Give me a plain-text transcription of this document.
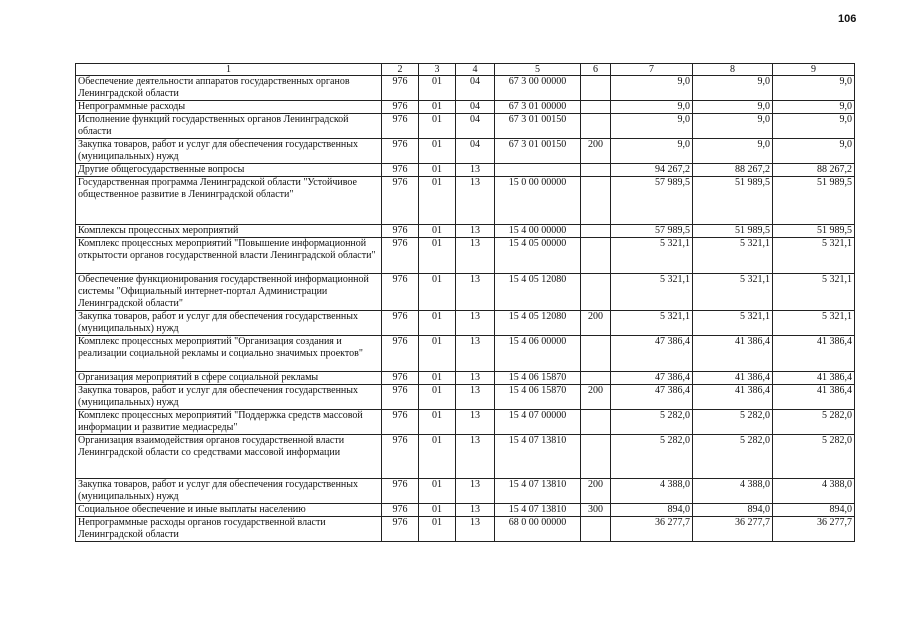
106
1	2	3	4	5	6	7	8	9
Обеспечение деятельности аппаратов государственных органов Ленинградской области	976	01	04	67 3 00 00000		9,0	9,0	9,0
Непрограммные расходы	976	01	04	67 3 01 00000		9,0	9,0	9,0
Исполнение функций государственных органов Ленинградской области	976	01	04	67 3 01 00150		9,0	9,0	9,0
Закупка товаров, работ и услуг для обеспечения государственных (муниципальных) нужд	976	01	04	67 3 01 00150	200	9,0	9,0	9,0
Другие общегосударственные вопросы	976	01	13			94 267,2	88 267,2	88 267,2
Государственная программа Ленинградской области "Устойчивое общественное развитие в Ленинградской области"	976	01	13	15 0 00 00000		57 989,5	51 989,5	51 989,5
Комплексы процессных мероприятий	976	01	13	15 4 00 00000		57 989,5	51 989,5	51 989,5
Комплекс процессных мероприятий "Повышение информационной открытости органов государственной власти Ленинградской области"	976	01	13	15 4 05 00000		5 321,1	5 321,1	5 321,1
Обеспечение функционирования государственной информационной системы "Официальный интернет-портал Администрации Ленинградской области"	976	01	13	15 4 05 12080		5 321,1	5 321,1	5 321,1
Закупка товаров, работ и услуг для обеспечения государственных (муниципальных) нужд	976	01	13	15 4 05 12080	200	5 321,1	5 321,1	5 321,1
Комплекс процессных мероприятий "Организация создания и реализации социальной рекламы и социально значимых проектов"	976	01	13	15 4 06 00000		47 386,4	41 386,4	41 386,4
Организация мероприятий в сфере социальной рекламы	976	01	13	15 4 06 15870		47 386,4	41 386,4	41 386,4
Закупка товаров, работ и услуг для обеспечения государственных (муниципальных) нужд	976	01	13	15 4 06 15870	200	47 386,4	41 386,4	41 386,4
Комплекс процессных мероприятий "Поддержка средств массовой информации и развитие медиасреды"	976	01	13	15 4 07 00000		5 282,0	5 282,0	5 282,0
Организация взаимодействия органов государственной власти Ленинградской области со средствами массовой информации	976	01	13	15 4 07 13810		5 282,0	5 282,0	5 282,0
Закупка товаров, работ и услуг для обеспечения государственных (муниципальных) нужд	976	01	13	15 4 07 13810	200	4 388,0	4 388,0	4 388,0
Социальное обеспечение и иные выплаты населению	976	01	13	15 4 07 13810	300	894,0	894,0	894,0
Непрограммные расходы органов государственной власти Ленинградской области	976	01	13	68 0 00 00000		36 277,7	36 277,7	36 277,7
